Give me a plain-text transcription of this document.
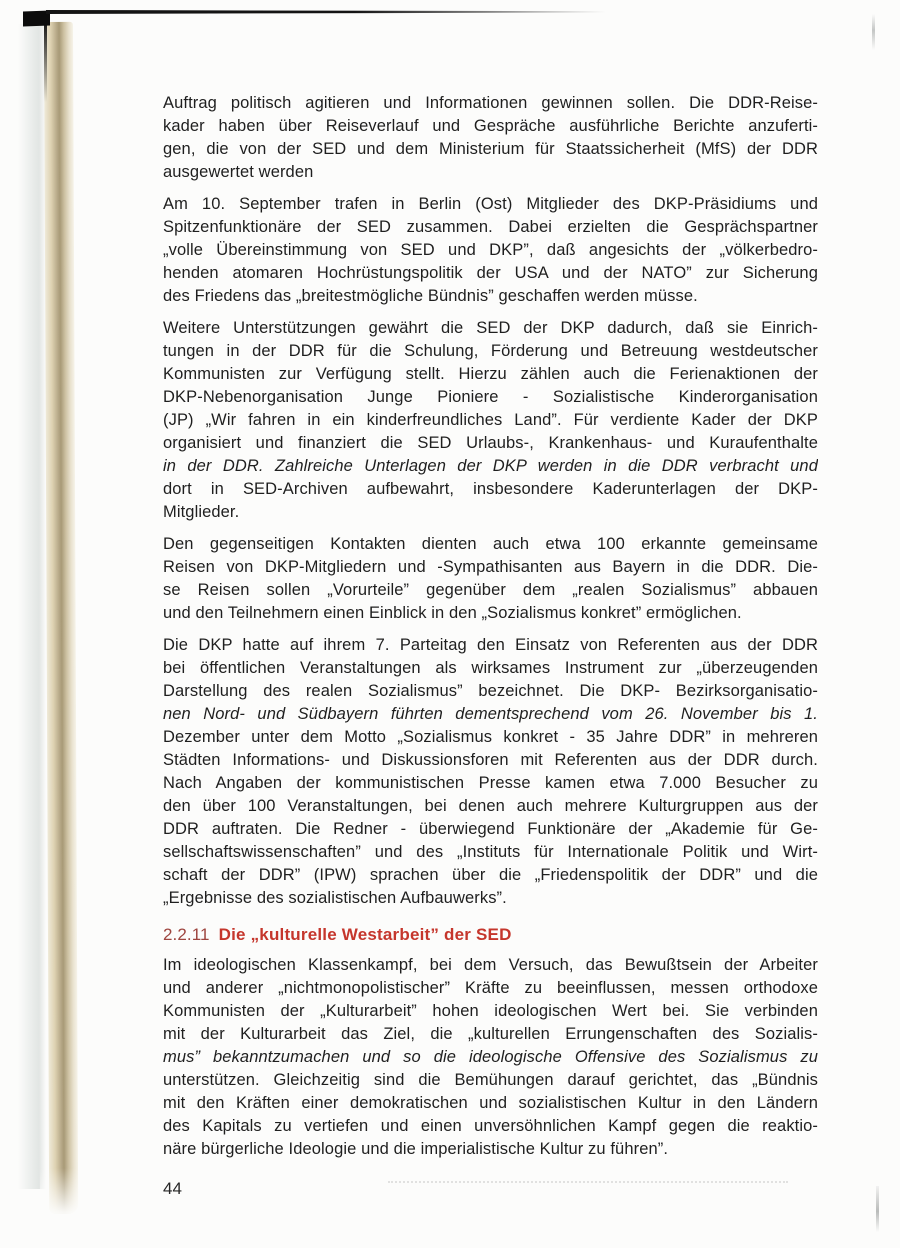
Auftrag politisch agitieren und Informationen gewinnen sollen. Die DDR-Reise-
kader haben über Reiseverlauf und Gespräche ausführliche Berichte anzuferti-
gen, die von der SED und dem Ministerium für Staatssicherheit (MfS) der DDR
ausgewertet werden
Am 10. September trafen in Berlin (Ost) Mitglieder des DKP-Präsidiums und
Spitzenfunktionäre der SED zusammen. Dabei erzielten die Gesprächspartner
„volle Übereinstimmung von SED und DKP”, daß angesichts der „völkerbedro-
henden atomaren Hochrüstungspolitik der USA und der NATO” zur Sicherung
des Friedens das „breitestmögliche Bündnis” geschaffen werden müsse.
Weitere Unterstützungen gewährt die SED der DKP dadurch, daß sie Einrich-
tungen in der DDR für die Schulung, Förderung und Betreuung westdeutscher
Kommunisten zur Verfügung stellt. Hierzu zählen auch die Ferienaktionen der
DKP-Nebenorganisation Junge Pioniere - Sozialistische Kinderorganisation
(JP) „Wir fahren in ein kinderfreundliches Land”. Für verdiente Kader der DKP
organisiert und finanziert die SED Urlaubs-, Krankenhaus- und Kuraufenthalte
in der DDR. Zahlreiche Unterlagen der DKP werden in die DDR verbracht und
dort in SED-Archiven aufbewahrt, insbesondere Kaderunterlagen der DKP-
Mitglieder.
Den gegenseitigen Kontakten dienten auch etwa 100 erkannte gemeinsame
Reisen von DKP-Mitgliedern und -Sympathisanten aus Bayern in die DDR. Die-
se Reisen sollen „Vorurteile” gegenüber dem „realen Sozialismus” abbauen
und den Teilnehmern einen Einblick in den „Sozialismus konkret” ermöglichen.
Die DKP hatte auf ihrem 7. Parteitag den Einsatz von Referenten aus der DDR
bei öffentlichen Veranstaltungen als wirksames Instrument zur „überzeugenden
Darstellung des realen Sozialismus” bezeichnet. Die DKP- Bezirksorganisatio-
nen Nord- und Südbayern führten dementsprechend vom 26. November bis 1.
Dezember unter dem Motto „Sozialismus konkret - 35 Jahre DDR” in mehreren
Städten Informations- und Diskussionsforen mit Referenten aus der DDR durch.
Nach Angaben der kommunistischen Presse kamen etwa 7.000 Besucher zu
den über 100 Veranstaltungen, bei denen auch mehrere Kulturgruppen aus der
DDR auftraten. Die Redner - überwiegend Funktionäre der „Akademie für Ge-
sellschaftswissenschaften” und des „Instituts für Internationale Politik und Wirt-
schaft der DDR” (IPW) sprachen über die „Friedenspolitik der DDR” und die
„Ergebnisse des sozialistischen Aufbauwerks”.
2.2.11 Die „kulturelle Westarbeit” der SED
Im ideologischen Klassenkampf, bei dem Versuch, das Bewußtsein der Arbeiter
und anderer „nichtmonopolistischer” Kräfte zu beeinflussen, messen orthodoxe
Kommunisten der „Kulturarbeit” hohen ideologischen Wert bei. Sie verbinden
mit der Kulturarbeit das Ziel, die „kulturellen Errungenschaften des Sozialis-
mus” bekanntzumachen und so die ideologische Offensive des Sozialismus zu
unterstützen. Gleichzeitig sind die Bemühungen darauf gerichtet, das „Bündnis
mit den Kräften einer demokratischen und sozialistischen Kultur in den Ländern
des Kapitals zu vertiefen und einen unversöhnlichen Kampf gegen die reaktio-
näre bürgerliche Ideologie und die imperialistische Kultur zu führen”.
44
